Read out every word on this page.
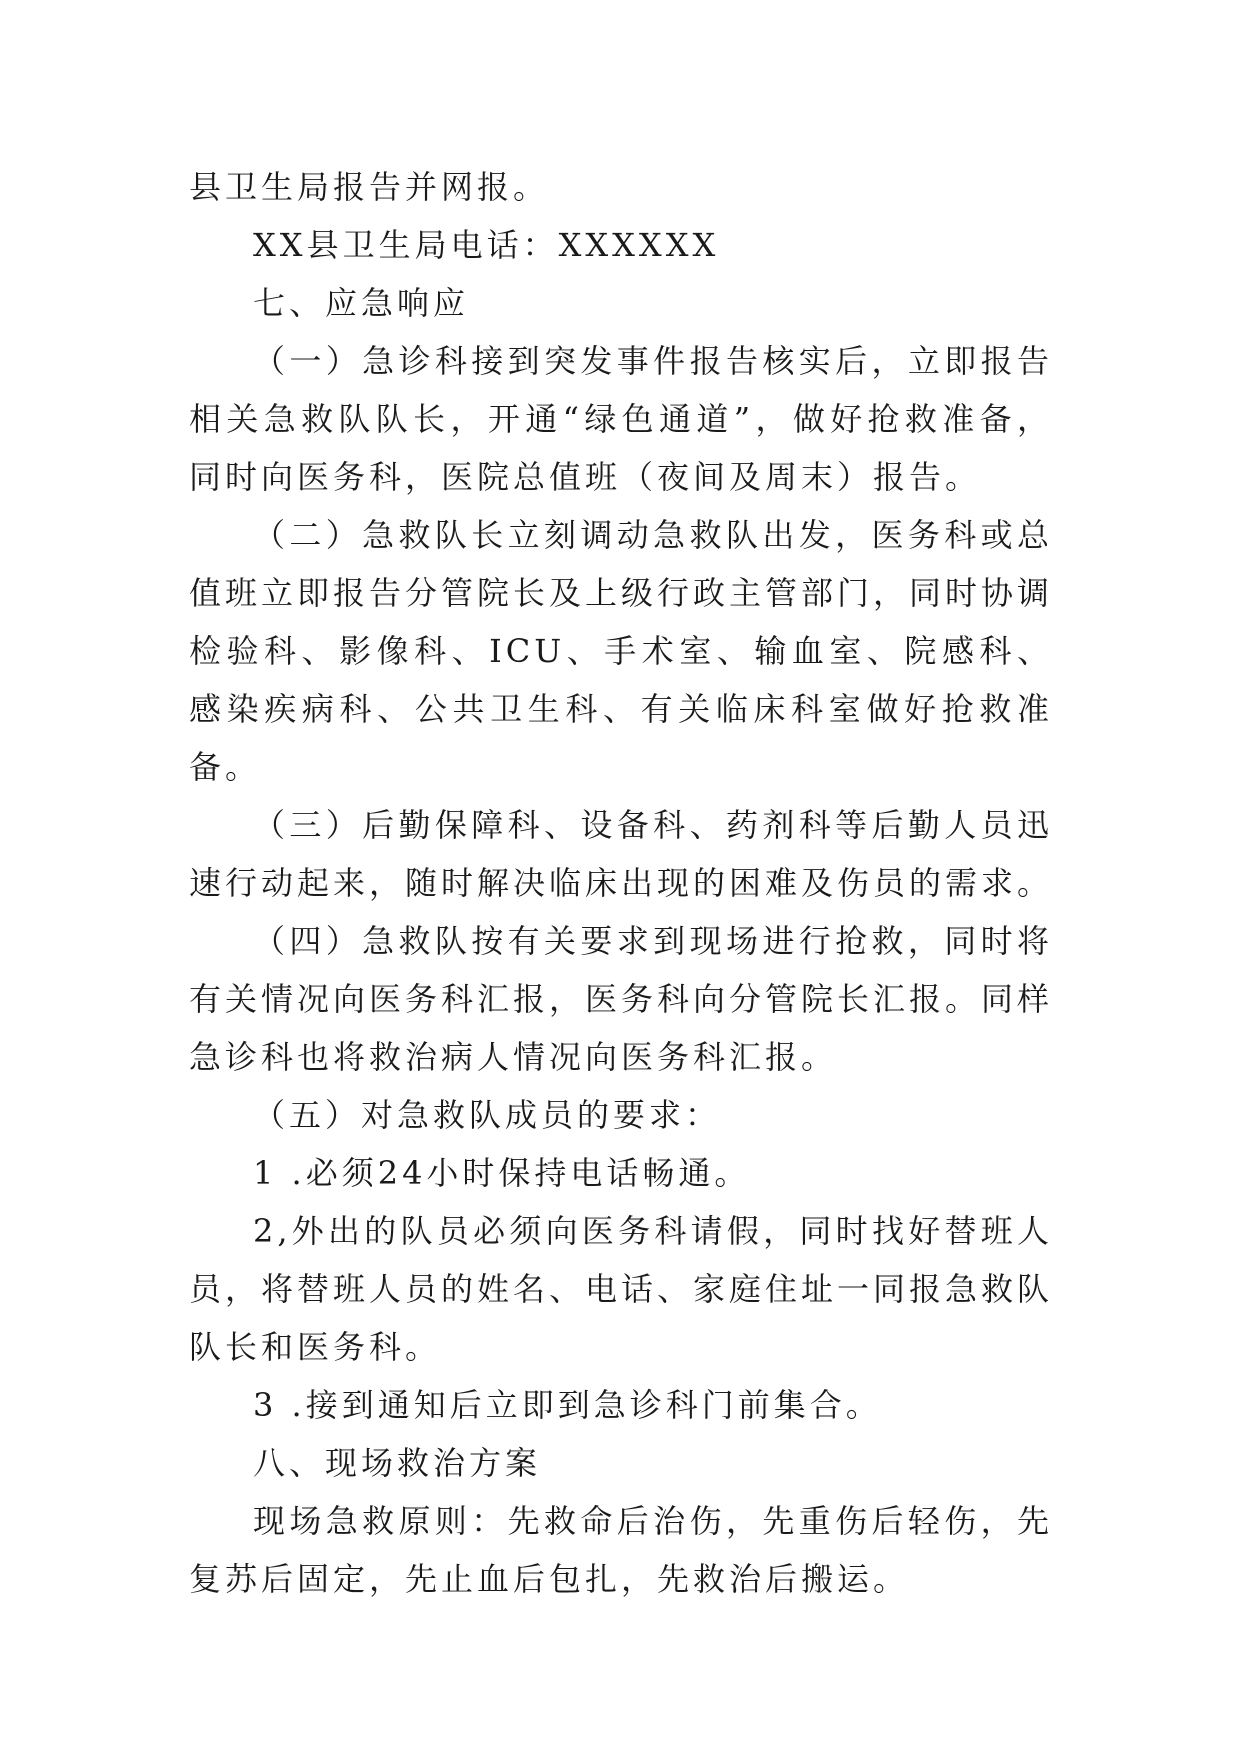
县卫生局报告并网报。

XX县卫生局电话：XXXXXX

七、应急响应

（一）急诊科接到突发事件报告核实后，立即报告相关急救队队长，开通“绿色通道”，做好抢救准备，同时向医务科，医院总值班（夜间及周末）报告。

（二）急救队长立刻调动急救队出发，医务科或总值班立即报告分管院长及上级行政主管部门，同时协调检验科、影像科、ICU、手术室、输血室、院感科、感染疾病科、公共卫生科、有关临床科室做好抢救准备。

（三）后勤保障科、设备科、药剂科等后勤人员迅速行动起来，随时解决临床出现的困难及伤员的需求。

（四）急救队按有关要求到现场进行抢救，同时将有关情况向医务科汇报，医务科向分管院长汇报。同样急诊科也将救治病人情况向医务科汇报。

（五）对急救队成员的要求：

1 .必须24小时保持电话畅通。

2,外出的队员必须向医务科请假，同时找好替班人员，将替班人员的姓名、电话、家庭住址一同报急救队队长和医务科。

3 .接到通知后立即到急诊科门前集合。

八、现场救治方案

现场急救原则：先救命后治伤，先重伤后轻伤，先复苏后固定，先止血后包扎，先救治后搬运。
